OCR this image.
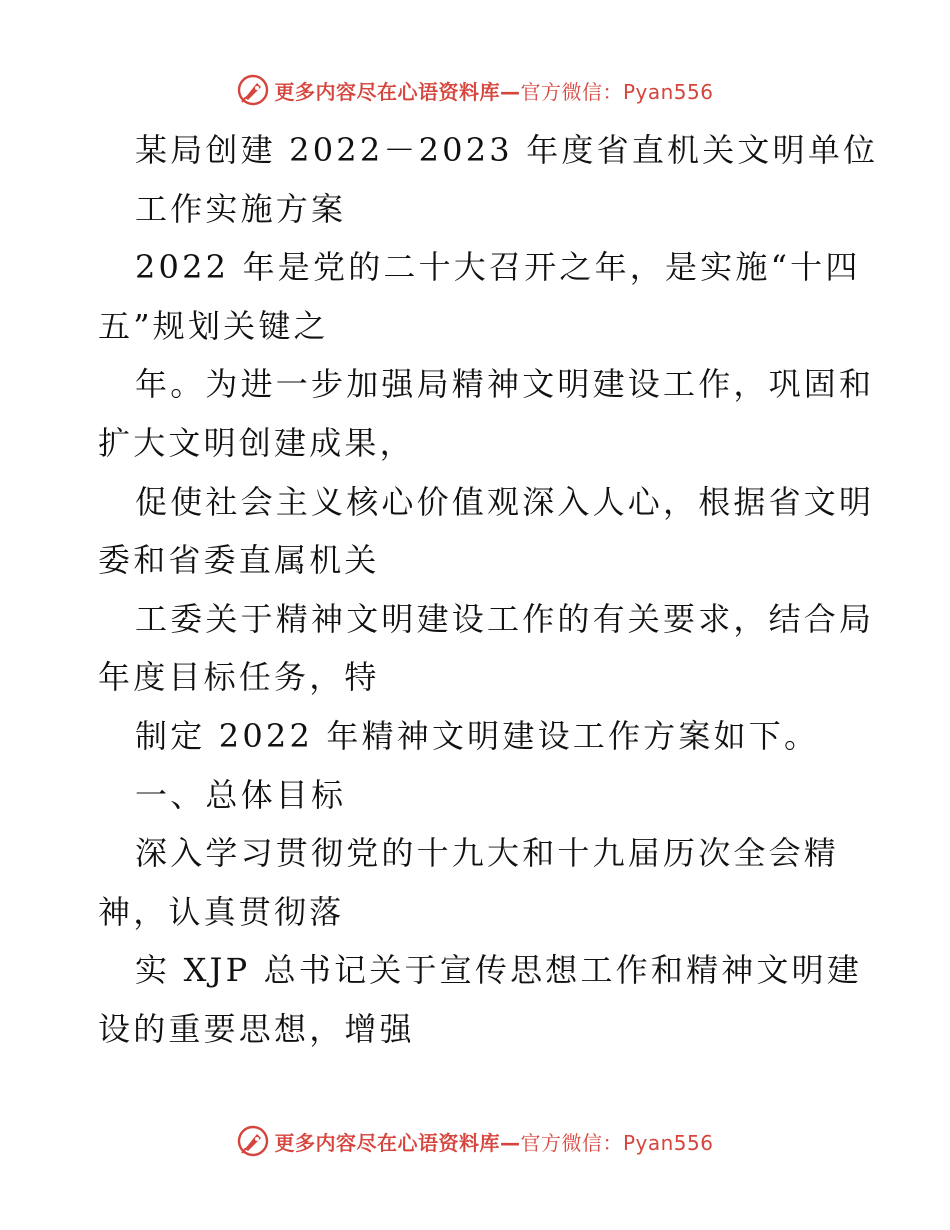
更多内容尽在心语资料库—官方微信：Pyan556

某局创建 2022－2023 年度省直机关文明单位

工作实施方案

2022 年是党的二十大召开之年，是实施“十四

五”规划关键之

年。为进一步加强局精神文明建设工作，巩固和

扩大文明创建成果，

促使社会主义核心价值观深入人心，根据省文明

委和省委直属机关

工委关于精神文明建设工作的有关要求，结合局

年度目标任务，特

制定 2022 年精神文明建设工作方案如下。

一、总体目标

深入学习贯彻党的十九大和十九届历次全会精

神，认真贯彻落

实 XJP 总书记关于宣传思想工作和精神文明建

设的重要思想，增强

更多内容尽在心语资料库—官方微信：Pyan556
